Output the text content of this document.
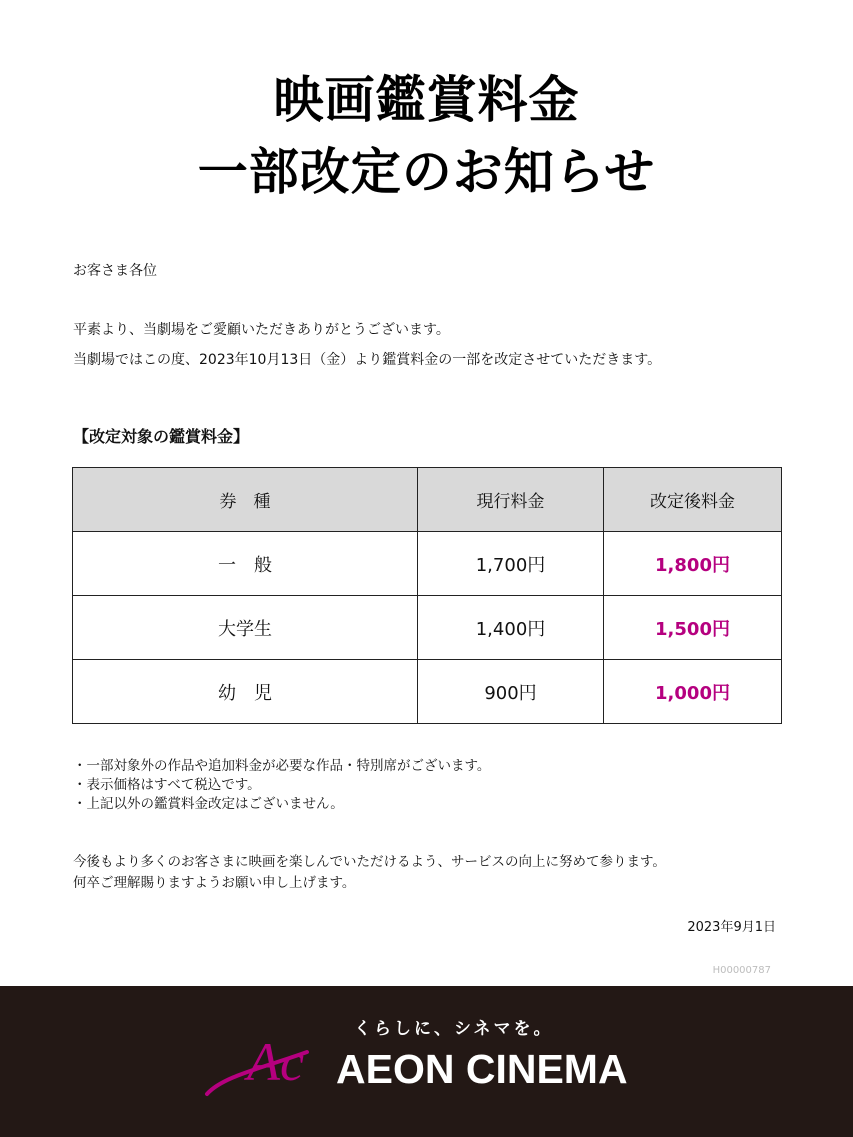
映画鑑賞料金
一部改定のお知らせ
お客さま各位
平素より、当劇場をご愛顧いただきありがとうございます。
当劇場ではこの度、2023年10月13日（金）より鑑賞料金の一部を改定させていただきます。
【改定対象の鑑賞料金】
券　種	現行料金	改定後料金
一　般	1,700円	1,800円
大学生	1,400円	1,500円
幼　児	900円	1,000円
・一部対象外の作品や追加料金が必要な作品・特別席がございます。
・表示価格はすべて税込です。
・上記以外の鑑賞料金改定はございません。
今後もより多くのお客さまに映画を楽しんでいただけるよう、サービスの向上に努めて参ります。
何卒ご理解賜りますようお願い申し上げます。
2023年9月1日
H00000787
くらしに、シネマを。
Ac AEON CINEMA
